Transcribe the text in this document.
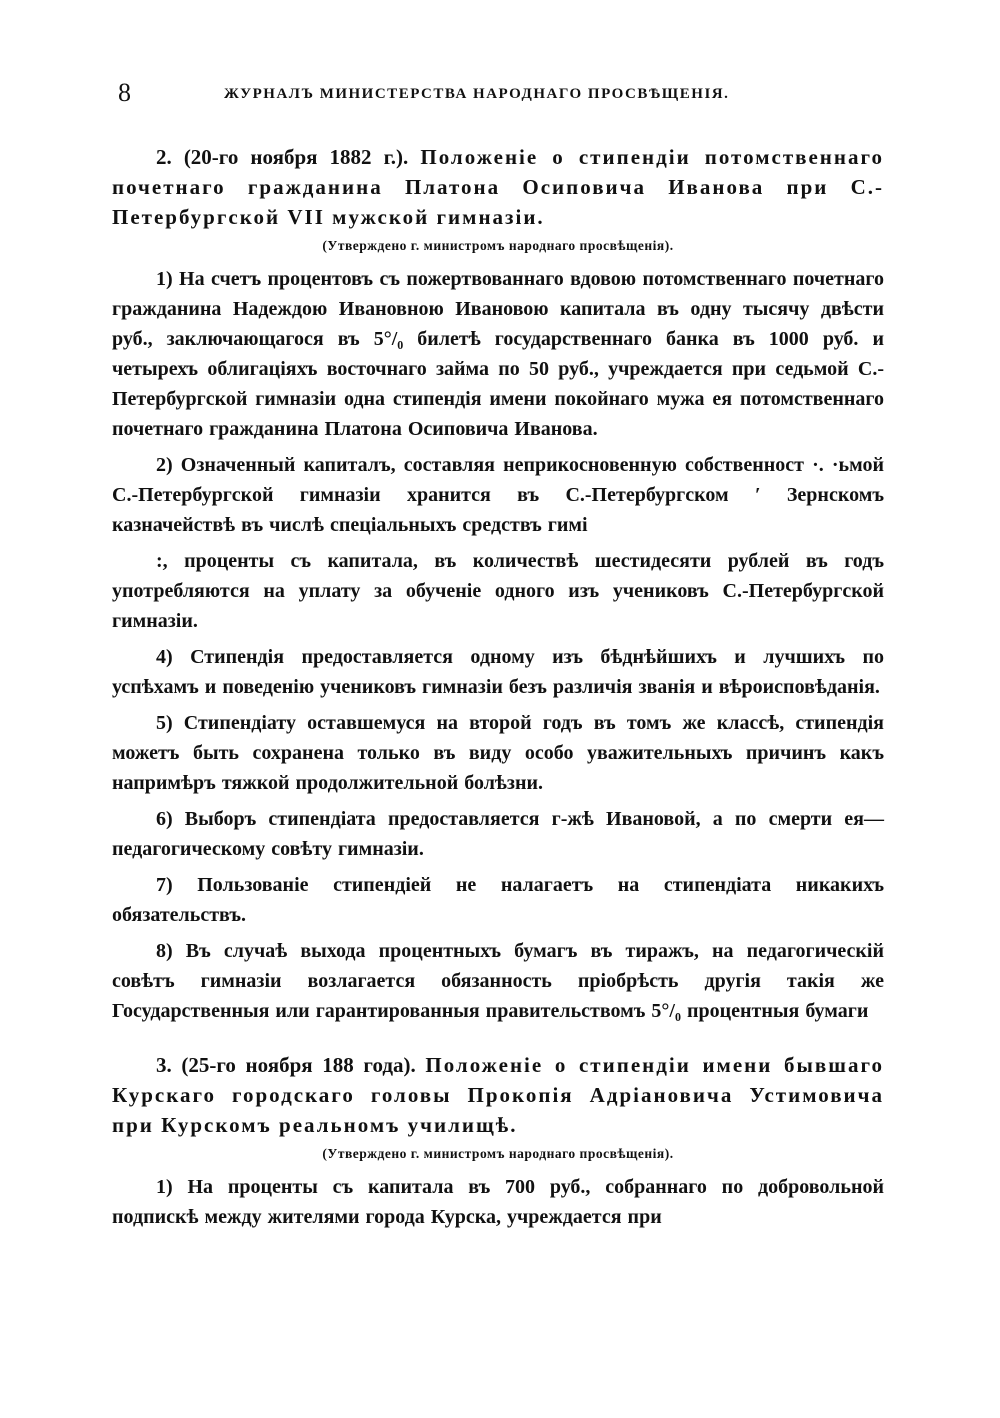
8	ЖУРНАЛЪ МИНИСТЕРСТВА НАРОДНАГО ПРОСВѢЩЕНІЯ.

2. (20-го ноября 1882 г.). Положеніе о стипендіи потомственнаго почетнаго гражданина Платона Осиповича Иванова при С.-Петербургской VII мужской гимназіи.

(Утверждено г. министромъ народнаго просвѣщенія).

1) На счетъ процентовъ съ пожертвованнаго вдовою потомственнаго почетнаго гражданина Надеждою Ивановною Ивановою капитала въ одну тысячу двѣсти руб., заключающагося въ 5°/₀ билетѣ государственнаго банка въ 1000 руб. и четырехъ облигаціяхъ восточнаго займа по 50 руб., учреждается при седьмой С.-Петербургской гимназіи одна стипендія имени покойнаго мужа ея потомственнаго почетнаго гражданина Платона Осиповича Иванова.

2) Означенный капиталъ, составляя неприкосновенную собственност ·. ·ьмой С.-Петербургской гимназіи хранится въ С.-Петербургском ′ Зернскомъ казначействѣ въ числѣ спеціальныхъ средствъ гимі

:, проценты съ капитала, въ количествѣ шестидесяти рублей въ годъ употребляются на уплату за обученіе одного изъ учениковъ С.-Петербургской гимназіи.

4) Стипендія предоставляется одному изъ бѣднѣйшихъ и лучшихъ по успѣхамъ и поведенію учениковъ гимназіи безъ различія званія и вѣроисповѣданія.

5) Стипендіату оставшемуся на второй годъ въ томъ же классѣ, стипендія можетъ быть сохранена только въ виду особо уважительныхъ причинъ какъ напримѣръ тяжкой продолжительной болѣзни.

6) Выборъ стипендіата предоставляется г-жѣ Ивановой, а по смерти ея—педагогическому совѣту гимназіи.

7) Пользованіе стипендіей не налагаетъ на стипендіата никакихъ обязательствъ.

8) Въ случаѣ выхода процентныхъ бумагъ въ тиражъ, на педагогическій совѣтъ гимназіи возлагается обязанность пріобрѣсть другія такія же Государственныя или гарантированныя правительствомъ 5°/₀ процентныя бумаги

3. (25-го ноября 188 года). Положеніе о стипендіи имени бывшаго Курскаго городскаго головы Прокопія Адріановича Устимовича при Курскомъ реальномъ училищѣ.

(Утверждено г. министромъ народнаго просвѣщенія).

1) На проценты съ капитала въ 700 руб., собраннаго по добровольной подпискѣ между жителями города Курска, учреждается при
